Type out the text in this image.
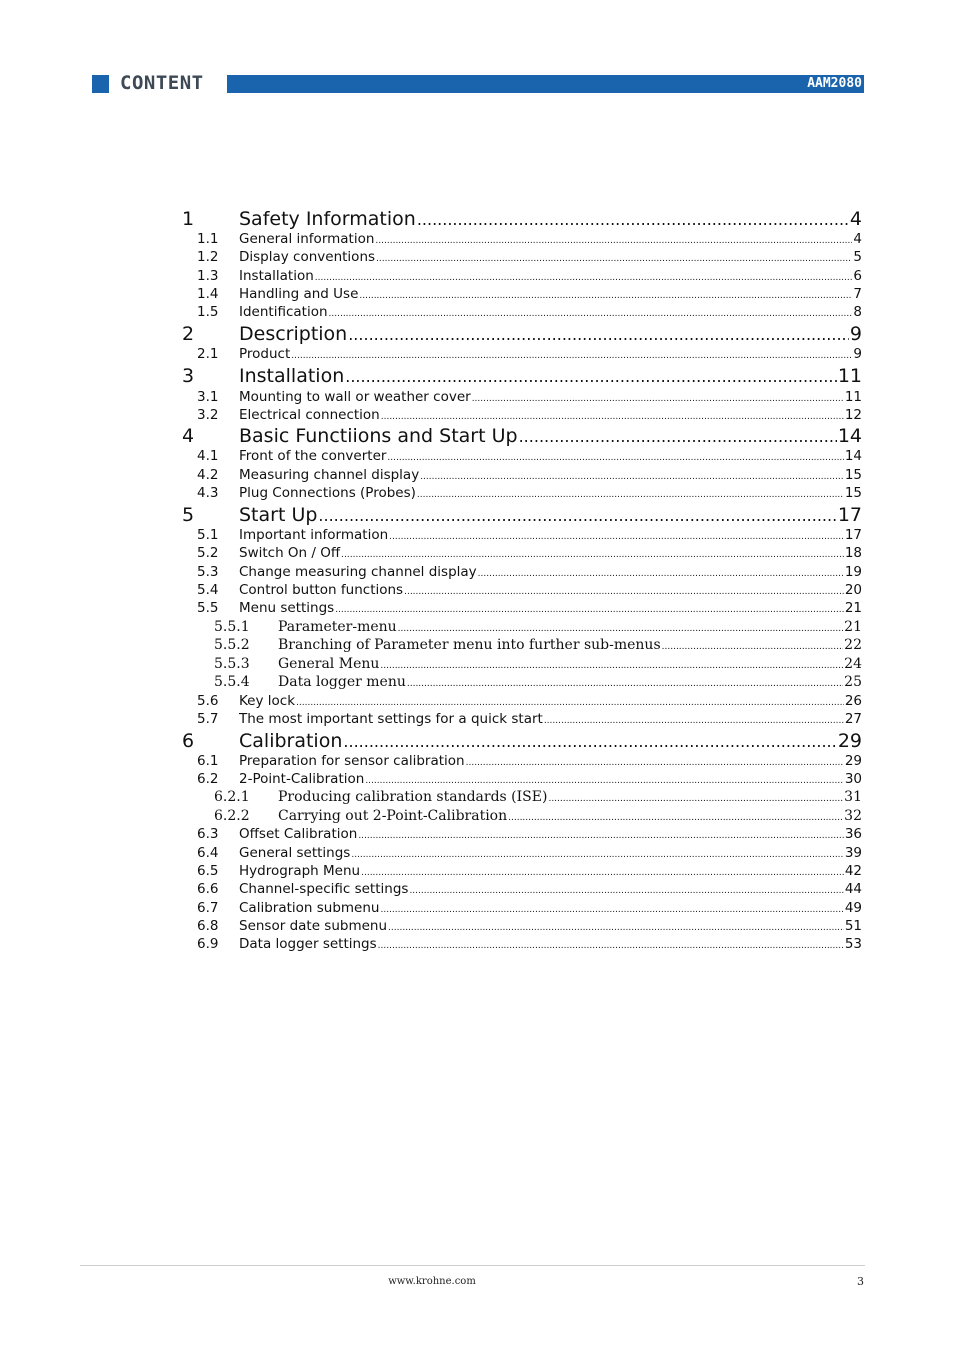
CONTENT	AAM2080
1 Safety Information .....	4
1.1 General information .....	4
1.2 Display conventions .....	5
1.3 Installation .....	6
1.4 Handling and Use .....	7
1.5 Identification .....	8
2 Description .....	9
2.1 Product .....	9
3 Installation .....	11
3.1 Mounting to wall or weather cover .....	11
3.2 Electrical connection .....	12
4 Basic Functiions and Start Up .....	14
4.1 Front of the converter .....	14
4.2 Measuring channel display .....	15
4.3 Plug Connections (Probes) .....	15
5 Start Up .....	17
5.1 Important information .....	17
5.2 Switch On / Off .....	18
5.3 Change measuring channel display .....	19
5.4 Control button functions .....	20
5.5 Menu settings .....	21
5.5.1 Parameter-menu .....	21
5.5.2 Branching of Parameter menu into further sub-menus .....	22
5.5.3 General Menu .....	24
5.5.4 Data logger menu .....	25
5.6 Key lock .....	26
5.7 The most important settings for a quick start .....	27
6 Calibration .....	29
6.1 Preparation for sensor calibration .....	29
6.2 2-Point-Calibration .....	30
6.2.1 Producing calibration standards (ISE) .....	31
6.2.2 Carrying out 2-Point-Calibration .....	32
6.3 Offset Calibration .....	36
6.4 General settings .....	39
6.5 Hydrograph Menu .....	42
6.6 Channel-specific settings .....	44
6.7 Calibration submenu .....	49
6.8 Sensor date submenu .....	51
6.9 Data logger settings .....	53
www.krohne.com	3
